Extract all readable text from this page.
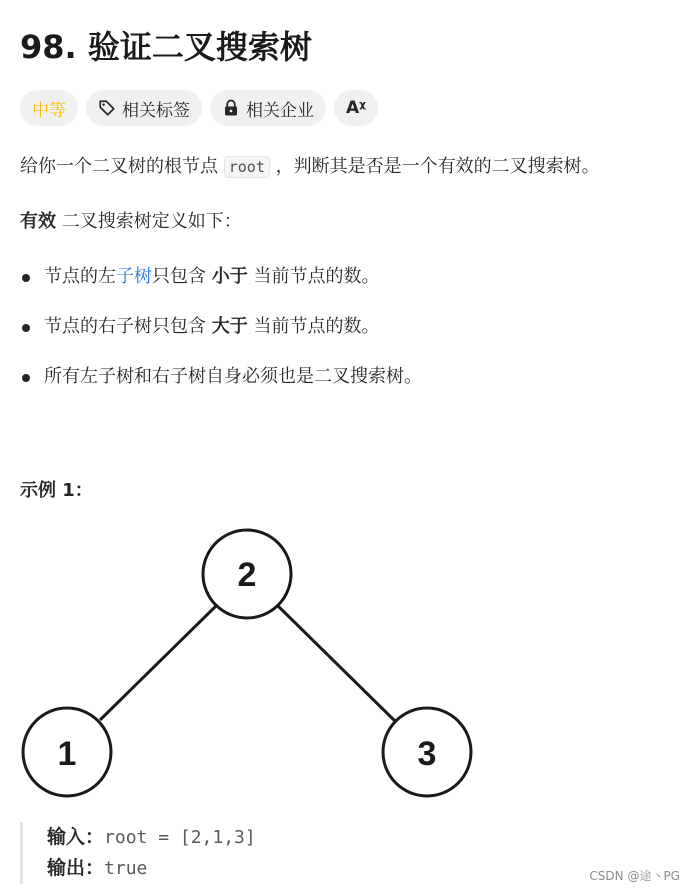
98. 验证二叉搜索树
中等	相关标签	相关企业 Aᵡ
给你一个二叉树的根节点 root ，判断其是否是一个有效的二叉搜索树。
有效 二叉搜索树定义如下：
节点的左子树只包含 小于 当前节点的数。
节点的右子树只包含 大于 当前节点的数。
所有左子树和右子树自身必须也是二叉搜索树。
示例 1：
2
1	3
输入：root = [2,1,3]
输出：true	CSDN @途丶PG
